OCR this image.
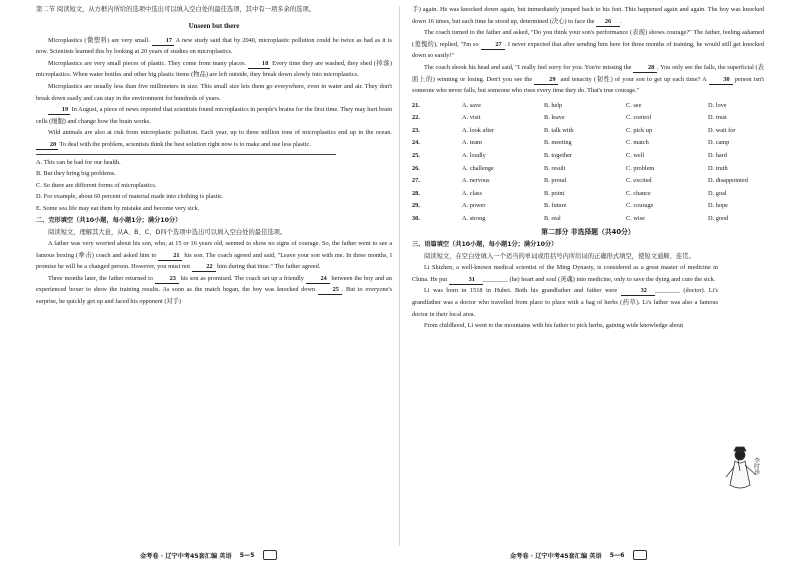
第二节 阅读短文，从方框内所给的选项中选出可以填入空白处的最佳选项，其中有一项多余的选项。

Unseen but there

Microplastics (微塑料) are very small. 17 A new study said that by 2040, microplastic pollution could be twice as bad as it is now. Scientists learned this by looking at 20 years of studies on microplastics.

Microplastics are very small pieces of plastic. They come from many places. 18 Every time they are washed, they shed (掉落) microplastics. When water bottles and other big plastic items (物品) are left outside, they break down slowly into microplastics.

Microplastics are usually less than five millimeters in size. This small size lets them go everywhere, even in water and air. They don't break down easily and can stay in the environment for hundreds of years.

19 In August, a piece of news reported that scientists found microplastics in people's brains for the first time. They may hurt brain cells (细胞) and change how the brain works.

Wild animals are also at risk from microplastic pollution. Each year, up to three million tons of microplastics end up in the ocean. 20 To deal with the problem, scientists think the best solution right now is to make and use less plastic.

A. This can be bad for our health.

B. But they bring big problems.

C. So there are different forms of microplastics.

D. For example, about 60 percent of material made into clothing is plastic.

E. Some sea life may eat them by mistake and become very sick.

二、完形填空（共10小题，每小题1分；满分10分）

阅读短文，理解其大意，从A、B、C、D四个选项中选出可以填入空白处的最佳选项。

A father was very worried about his son, who, at 15 or 16 years old, seemed to show no signs of courage. So, the father went to see a famous boxing (拳击) coach and asked him to 21 his son. The coach agreed and said, "Leave your son with me. In three months, I promise he will be a changed person. However, you must not 22 him during that time." The father agreed.

Three months later, the father returned to 23 his son as promised. The coach set up a friendly 24 between the boy and an experienced boxer to show the training results. As soon as the match began, the boy was knocked down 25 . But to everyone's surprise, he quickly got up and faced his opponent (对手)

金考卷 · 辽宁中考45套汇编 英语 5—5

手) again. He was knocked down again, but immediately jumped back to his feet. This happened again and again. The boy was knocked down 16 times, but each time he stood up, determined (决心) to face the 26 .

The coach turned to the father and asked, "Do you think your son's performance (表现) shows courage?" The father, feeling ashamed (羞愧的), replied, "I'm so 27 . I never expected that after sending him here for three months of training, he would still get knocked down so easily!"

The coach shook his head and said, "I really feel sorry for you. You're missing the 28 . You only see the falls, the superficial (表面上的) winning or losing. Don't you see the 29 and tenacity (韧性) of your son to get up each time? A 30 person isn't someone who never falls, but someone who rises every time they do. That's true courage."

21.	A. save	B. help	C. see	D. love
22.	A. visit	B. leave	C. control	D. trust
23.	A. look after	B. talk with	C. pick up	D. wait for
24.	A. team	B. meeting	C. match	D. camp
25.	A. loudly	B. together	C. well	D. hard
26.	A. challenge	B. result	C. problem	D. truth
27.	A. nervous	B. proud	C. excited	D. disappointed
28.	A. class	B. point	C. chance	D. goal
29.	A. power	B. future	C. courage	D. hope
30.	A. strong	B. real	C. wise	D. good

第二部分 非选择题（共40分）

三、语篇填空（共10小题，每小题1分；满分10分）

阅读短文，在空白处填入一个适当的单词或用括号内所给词的正确形式填空，使短文通顺、连贯。

Li Shizhen, a well-known medical scientist of the Ming Dynasty, is considered as a great master of medicine in China. He put	31 ________ (he) heart and soul (灵魂) into medicine, only to save the dying and cure the sick.

Li was born in 1518 in Hubei. Both his grandfather and father were	32 ________ (doctor). Li's grandfather was a doctor who travelled from place to place with a bag of herbs (药草). Li's father was also a famous doctor in their local area.

From childhood, Li went to the mountains with his father to pick herbs, gaining wide knowledge about

李时珍
金考卷 · 辽宁中考45套汇编 英语 5—6
